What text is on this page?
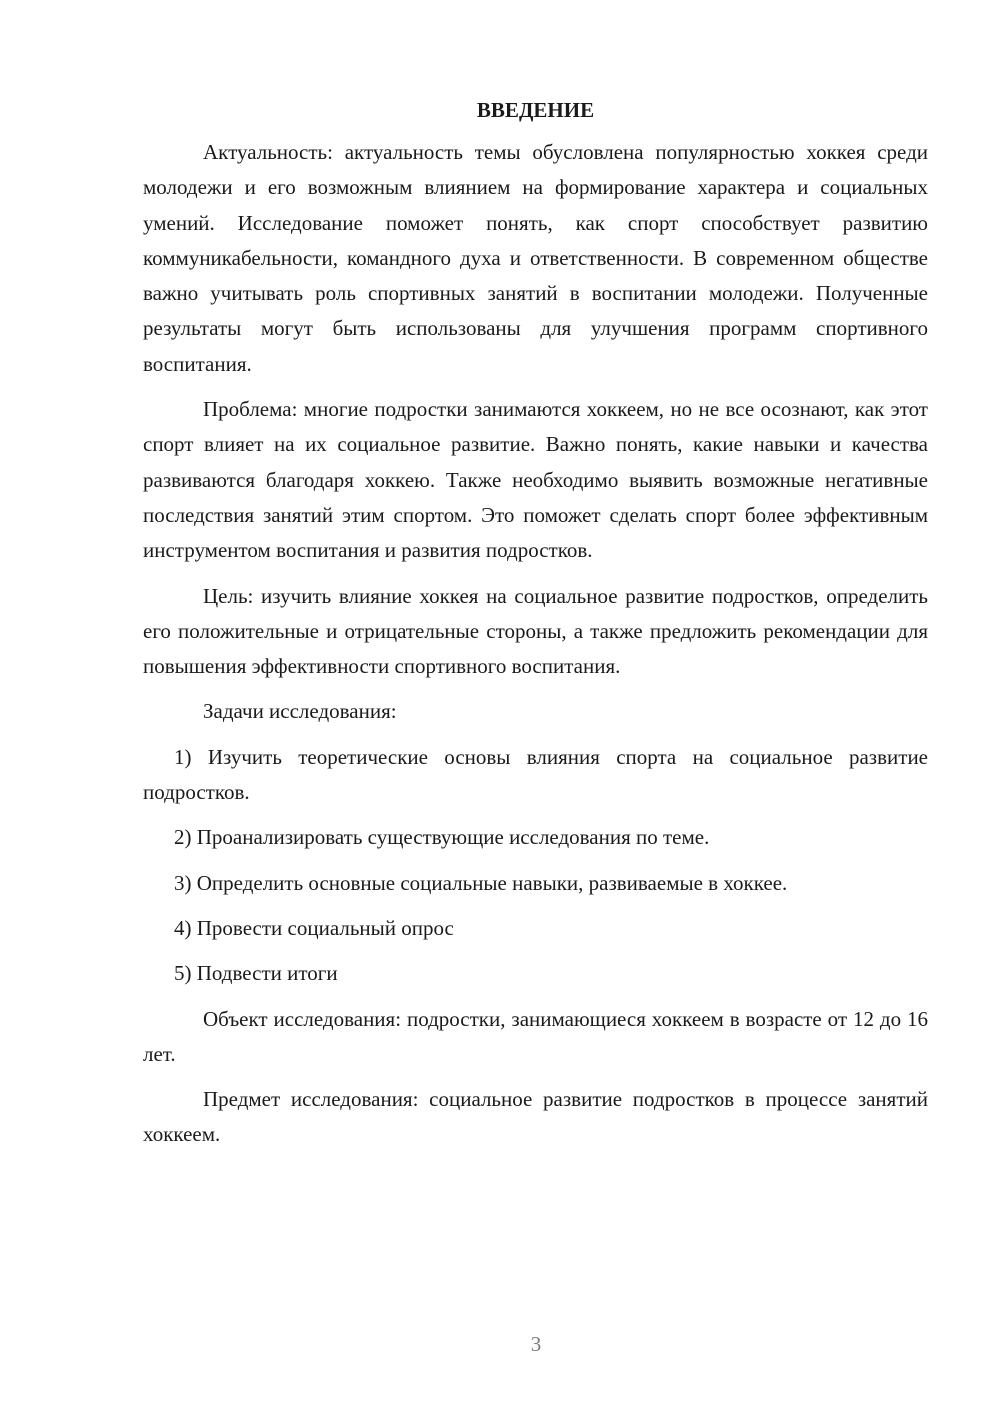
ВВЕДЕНИЕ

Актуальность: актуальность темы обусловлена популярностью хоккея среди молодежи и его возможным влиянием на формирование характера и социальных умений. Исследование поможет понять, как спорт способствует развитию коммуникабельности, командного духа и ответственности. В современном обществе важно учитывать роль спортивных занятий в воспитании молодежи. Полученные результаты могут быть использованы для улучшения программ спортивного воспитания.

Проблема: многие подростки занимаются хоккеем, но не все осознают, как этот спорт влияет на их социальное развитие. Важно понять, какие навыки и качества развиваются благодаря хоккею. Также необходимо выявить возможные негативные последствия занятий этим спортом. Это поможет сделать спорт более эффективным инструментом воспитания и развития подростков.

Цель: изучить влияние хоккея на социальное развитие подростков, определить его положительные и отрицательные стороны, а также предложить рекомендации для повышения эффективности спортивного воспитания.

Задачи исследования:

1) Изучить теоретические основы влияния спорта на социальное развитие подростков.

2) Проанализировать существующие исследования по теме.

3) Определить основные социальные навыки, развиваемые в хоккее.

4) Провести социальный опрос

5) Подвести итоги

Объект исследования: подростки, занимающиеся хоккеем в возрасте от 12 до 16 лет.

Предмет исследования: социальное развитие подростков в процессе занятий хоккеем.

3
